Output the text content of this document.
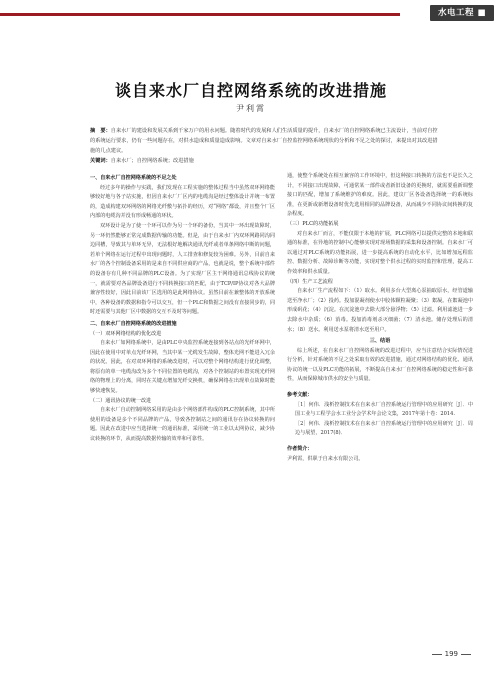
水电工程 ■
谈自来水厂自控网络系统的改进措施
尹利霄
摘　要：自来水厂的建设和发展关系到千家万户的用水问题。随着时代的发展和人们生活质量的提升，自来水厂的自控网络系统已主流设计，当前对自控的系统运行要求，仍有一些问题存在，对供水造成和质量造成影响。文章对自来水厂自控监控网络系统现状的分析和不足之处的探讨，来提出对其改进措施的几点建议。
关键词：自来水厂；自控网络系统；改进措施

一、自来水厂自控网络系统的不足之处

经过多年的操作与实践，我们发现在工程实施的整体过程当中虽然双环网络能够较好地与各子站实施，但因自来水厂厂区内的电缆沟是经过整体设计并统一布置的，造成构建双环网络的网络光纤敷与拓扑的经历，对“网络”都设，并且整个厂区内部的电缆沟并没有形成畅通的环状。

双环设计是为了使一个环可以作为另一个环的备份，当其中一环出现故障时，另一环仍然能够正常完成数据传输的功能。但是，由于自来水厂内双环网路同沟同边同槽，导致其与单环无异，无法根好地解决通讯光纤或者单条网络中断的问题，若单个网络在运行过程中出现问题时，人工排查和修复较为困难。另外，目前自来水厂的各个控制设备采用的是来自不同供应商的产品，也就是说，整个系统中部件的设备存有几种不同品牌的PLC设备。为了实现厂区主干网络通讯总线协议的统一，就需要对各品牌设备进行不同转换接口的匹配，由于TCP/IP协议对各大品牌兼容性较好，因此目前该厂区选用的是此网络协议。虽然目前在兼整体的开放系统中，各种设备的数据和指令可以交互，但一个PLC和数据之间没有直接同步的，同时还需要与其他厂区中数据的交互不及时等问题。

二、自来水厂自控网络系统的改进措施

（一）双环网络结构的优化改进

自来水厂如网络系统中，是由PLC中央监控系统连接到各站点的光纤环网中，因此在使用中对单点光纤环网，当其中某一光缆发生故障，整体光网不能进入冗余的状况。因此，在对双环网络的系统改进时，可以对整个网络结构进行优化调整，将原有的单一电缆沟改为多个不同位置的电缆沟，对各个控制站的布置实现光纤网络的物理上的分离，同时在关键点增加光纤交换机，确保网络在出现单点故障时能够快速恢复。

（二）通讯协议的统一改进

自来水厂自动控制网络采用的是由多个网络部件构成的PLC控制系统，其中所使用的设备是多个不同品牌的产品，导致各控制站之间的通讯存在协议转换的问题。因此在改进中应当选择统一的通讯标准，采用统一的工业以太网协议，减少协议转换的环节，从而提高数据传输的效率和可靠性。

通，使整个系统处在相互兼容的工作环境中，但这种接口转换的方法也不是长久之计，不同接口出现故障，可通常某一部件或者新旧设备的更换时，就需要重新调整接口的匹配，增加了系统维护的难度。因此，建议厂区各设备选择统一的系统标准，在更新或新增设备时优先选用相同的品牌设备，从而减少不同协议间转换的复杂程度。

（三）PLC的功能拓展

对自来水厂而言，不能仅限于本地的扩展，PLC网络可以提供完整的本地和联通的标准，在异地的控制中心能够实现对现场数据的采集和设备控制。自来水厂可以通过对PLC系统的功能拓展，进一步提高系统的自动化水平，比如增加远程监控、数据分析、故障诊断等功能，实现对整个供水过程的实时监控和管理，提高工作效率和供水质量。

（四）生产工艺流程

自来水厂生产流程如下：（1）取水。利用多台大型离心泵抽取原水，经管道输送至净水厂；（2）投药。投加混凝剂使水中胶体颗粒凝聚；（3）絮凝。在絮凝池中形成矾花；（4）沉淀。在沉淀池中去除大部分悬浮物；（5）过滤。利用滤池进一步去除水中杂质；（6）消毒。投加消毒剂杀灭细菌；（7）清水池。储存处理后的清水；（8）送水。利用送水泵将清水送至用户。

三、结语

综上所述，在自来水厂自控网络系统的改进过程中，应当注意结合实际情况进行分析，针对系统的不足之处采取有效的改进措施，通过对网络结构的优化、通讯协议的统一以及PLC功能的拓展，不断提高自来水厂自控网络系统的稳定性和可靠性，从而保障城市供水的安全与质量。

参考文献：

［1］何伟．浅析控制技术在自来水厂自控系统运行管理中的应用研究［J］．中国工业与工程学会水工业分会学术年会论文集，2017年第十卷：2014.

［2］何伟．浅析控制技术在自来水厂自控系统运行管理中的应用研究［J］．周边与展望，2017(8)．

作者简介：

尹利霄，供职于自来水有限公司。

199
